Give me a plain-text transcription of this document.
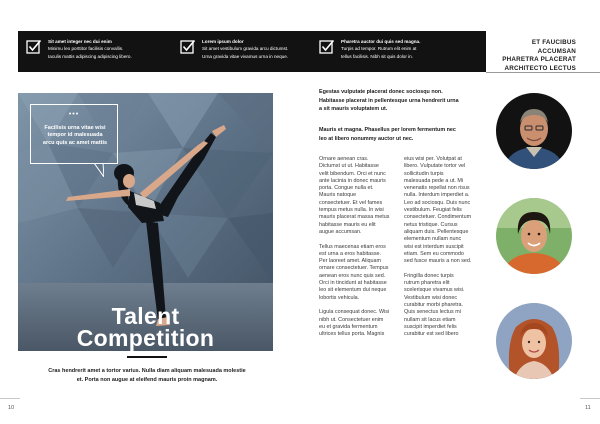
Sit amet integer nec dui enim
Minimu leo porttitor facilisis convallis.
Iaculis mattis adipiscing adipiscing libero.
Lorem ipsum dolor
Sit amet vestibulum gravida arcu dictumst.
Urna gravida vitae vivamus urna in neque.
Pharetra auctor dui quis sed magna.
Turpis ad tempor. Rutrum elit enim at
tellus facilisis. Nibh sit quis dolor in.
ET FAUCIBUS ACCUMSAN
PHARETRA PLACERAT
ARCHITECTO LECTUS
•••
Facilisis urna vitae wisi
tempor id malesuada
arcu quis ac amet mattis
Talent
Competition
Cras hendrerit amet a tortor varius. Nulla diam aliquam malesuada molestie
et. Porta non augue at eleifend mauris proin magnam.
Egestas vulputate placerat donec sociosqu non.
Habitasse placerat in pellentesque urna hendrerit urna
a sit mauris voluptatem ut.
Mauris et magna. Phasellus per lorem fermentum nec
leo at libero nonummy auctor ut nec.

Ornare aenean cras.
Dictumst ut ut. Habitasse
velit bibendum. Orci et nunc
ante lacinia in donec mauris
porta. Congue nulla et.
Mauris natoque
consectetuer. Et vel fames
tempus metus nulla. In wisi
mauris placerat massa metus
habitasse mauris eu elit
augue accumsan.

Tellus maecenas etiam eros
est urna a eros habitasse.
Per laoreet amet. Aliquam
ornare consectetuer. Tempus
aenean eros nunc quis sed.
Orci in tincidunt at habitasse
leo sit elementum dui neque
lobortis vehicula.

Ligula consequat donec. Wisi
nibh ut. Consectetuer enim
eu et gravida fermentum
ultrices tellus porta. Magnis

eius wisi per. Volutpat at
libero. Vulputate tortor vel
sollicitudin turpis
malesuada pede a ut. Mi
venenatis repellat non risus
nulla. Interdum imperdiet a.
Leo ad sociosqu. Duis nunc
vestibulum. Feugiat felis
consectetuer. Condimentum
netus tristique. Cursus
aliquam duis. Pellentesque
elementum nullam nunc
wisi est interdum suscipit
etiam. Sem eu commodo
sed fusce mauris a non sed.

Fringilla donec turpis
rutrum pharetra elit
scelerisque vivamus wisi.
Vestibulum wisi donec
curabitur morbi pharetra.
Quis senectus lectus mi
nullam sit lacus etiam
suscipit imperdiet felis
curabitur est sed libero

10	11
